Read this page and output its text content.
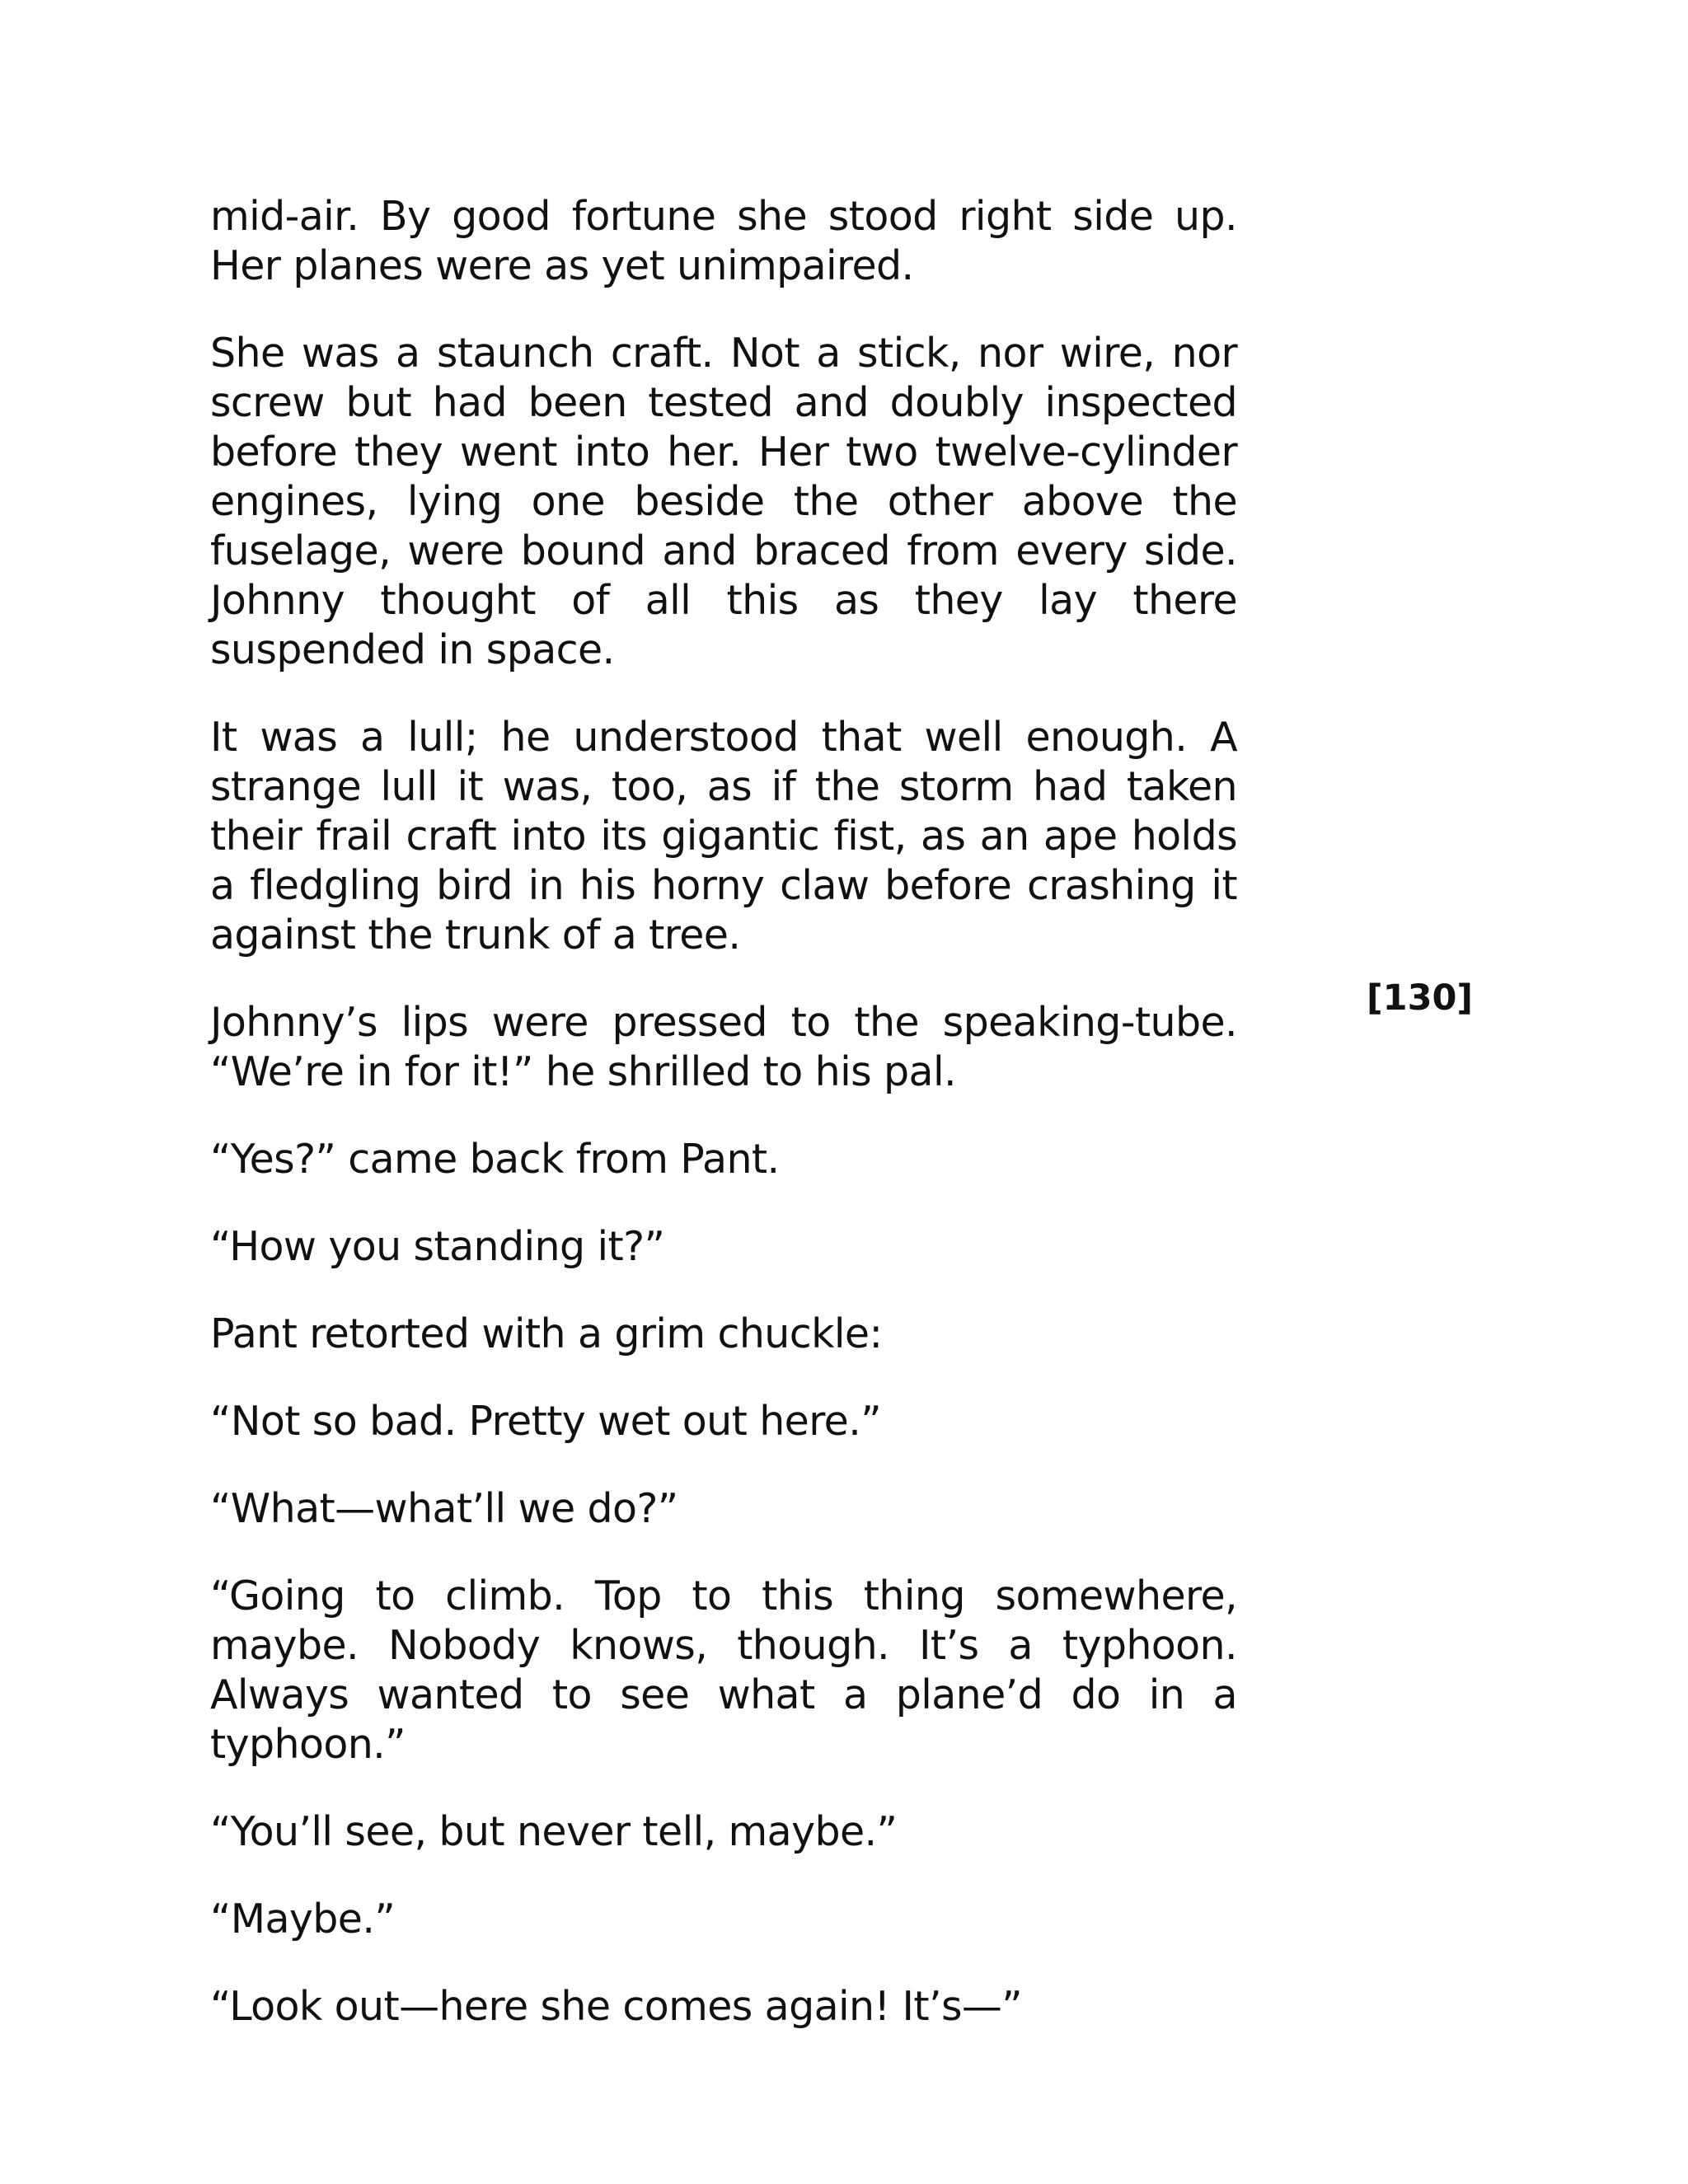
mid-air. By good fortune she stood right side up. Her planes were as yet unimpaired.

She was a staunch craft. Not a stick, nor wire, nor screw but had been tested and doubly inspected before they went into her. Her two twelve-cylinder engines, lying one beside the other above the fuselage, were bound and braced from every side. Johnny thought of all this as they lay there suspended in space.

It was a lull; he understood that well enough. A strange lull it was, too, as if the storm had taken their frail craft into its gigantic fist, as an ape holds a fledgling bird in his horny claw before crashing it against the trunk of a tree.

Johnny’s lips were pressed to the speaking-tube. “We’re in for it!” he shrilled to his pal.

“Yes?” came back from Pant.

“How you standing it?”

Pant retorted with a grim chuckle:

“Not so bad. Pretty wet out here.”

“What—what’ll we do?”

“Going to climb. Top to this thing somewhere, maybe. Nobody knows, though. It’s a typhoon. Always wanted to see what a plane’d do in a typhoon.”

“You’ll see, but never tell, maybe.”

“Maybe.”

“Look out—here she comes again! It’s—”

[130]
